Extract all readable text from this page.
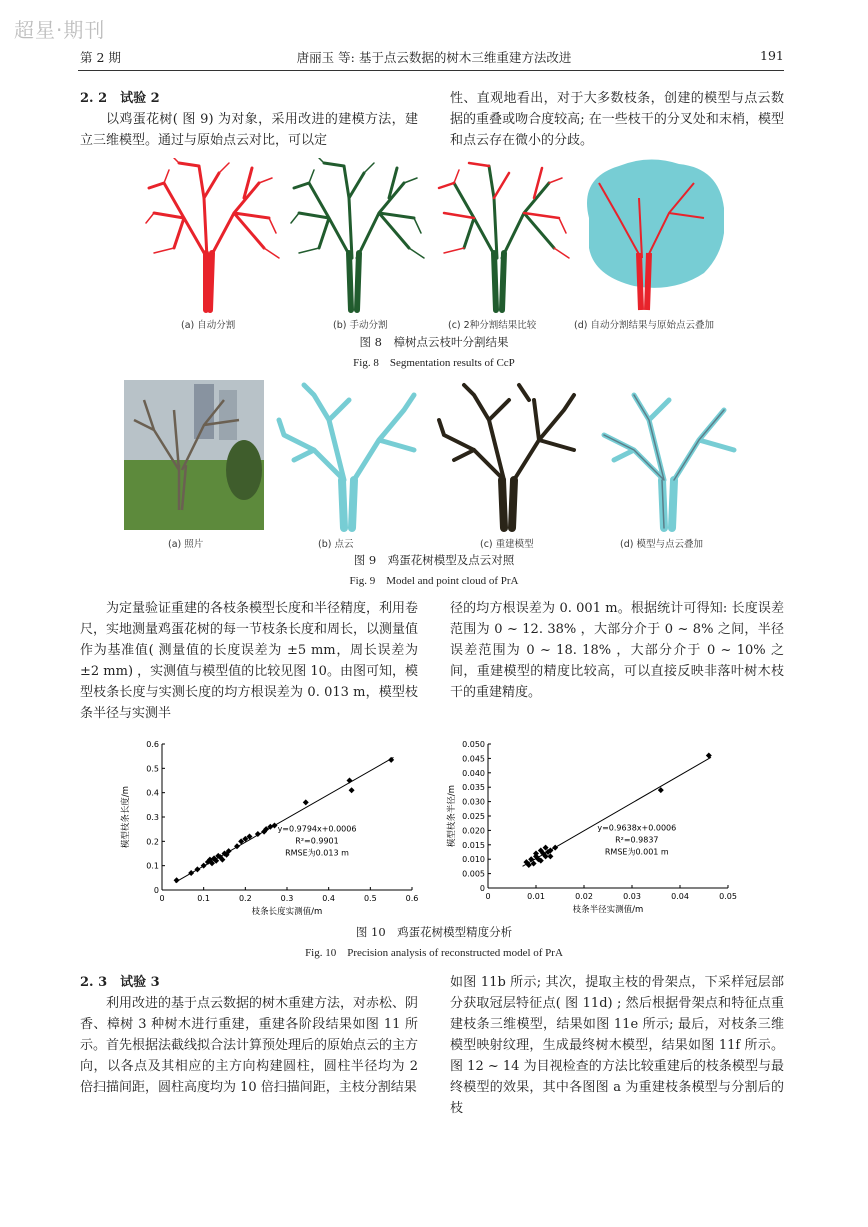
超星·期刊
第 2 期	唐丽玉 等: 基于点云数据的树木三维重建方法改进	191
2. 2　试验 2
以鸡蛋花树( 图 9) 为对象，采用改进的建模方法，建立三维模型。通过与原始点云对比，可以定
性、直观地看出，对于大多数枝条，创建的模型与点云数据的重叠或吻合度较高; 在一些枝干的分叉处和末梢，模型和点云存在微小的分歧。
(a) 自动分割	(b) 手动分割	(c) 2种分割结果比较	(d) 自动分割结果与原始点云叠加
图 8　樟树点云枝叶分割结果
Fig. 8　Segmentation results of CcP
(a) 照片	(b) 点云	(c) 重建模型	(d) 模型与点云叠加
图 9　鸡蛋花树模型及点云对照
Fig. 9　Model and point cloud of PrA
为定量验证重建的各枝条模型长度和半径精度，利用卷尺，实地测量鸡蛋花树的每一节枝条长度和周长，以测量值作为基准值( 测量值的长度误差为 ±5 mm，周长误差为 ±2 mm) ，实测值与模型值的比较见图 10。由图可知，模型枝条长度与实测长度的均方根误差为 0. 013 m，模型枝条半径与实测半
径的均方根误差为 0. 001 m。根据统计可得知: 长度误差范围为 0 ~ 12. 38% ，大部分介于 0 ~ 8% 之间，半径误差范围为 0 ~ 18. 18% ，大部分介于 0 ~ 10% 之间，重建模型的精度比较高，可以直接反映非落叶树木枝干的重建精度。
0	0.1	0.2	0.3	0.4	0.5	0.6
0
0.1
0.2
0.3
0.4
0.5
0.6
y=0.9794x+0.0006
R²=0.9901
RMSE为0.013 m
枝条长度实测值/m
模型枝条长度/m
0	0.01	0.02	0.03	0.04	0.05
0
0.005
0.010
0.015
0.020
0.025
0.030
0.035
0.040
0.045
0.050
y=0.9638x+0.0006
R²=0.9837
RMSE为0.001 m
枝条半径实测值/m
模型枝条半径/m
图 10　鸡蛋花树模型精度分析
Fig. 10　Precision analysis of reconstructed model of PrA
2. 3　试验 3
利用改进的基于点云数据的树木重建方法，对赤松、阴香、樟树 3 种树木进行重建，重建各阶段结果如图 11 所示。首先根据法截线拟合法计算预处理后的原始点云的主方向，以各点及其相应的主方向构建圆柱，圆柱半径均为 2 倍扫描间距，圆柱高度均为 10 倍扫描间距，主枝分割结果
如图 11b 所示; 其次，提取主枝的骨架点，下采样冠层部分获取冠层特征点( 图 11d) ; 然后根据骨架点和特征点重建枝条三维模型，结果如图 11e 所示; 最后，对枝条三维模型映射纹理，生成最终树木模型，结果如图 11f 所示。图 12 ~ 14 为目视检查的方法比较重建后的枝条模型与最终模型的效果，其中各图图 a 为重建枝条模型与分割后的枝
